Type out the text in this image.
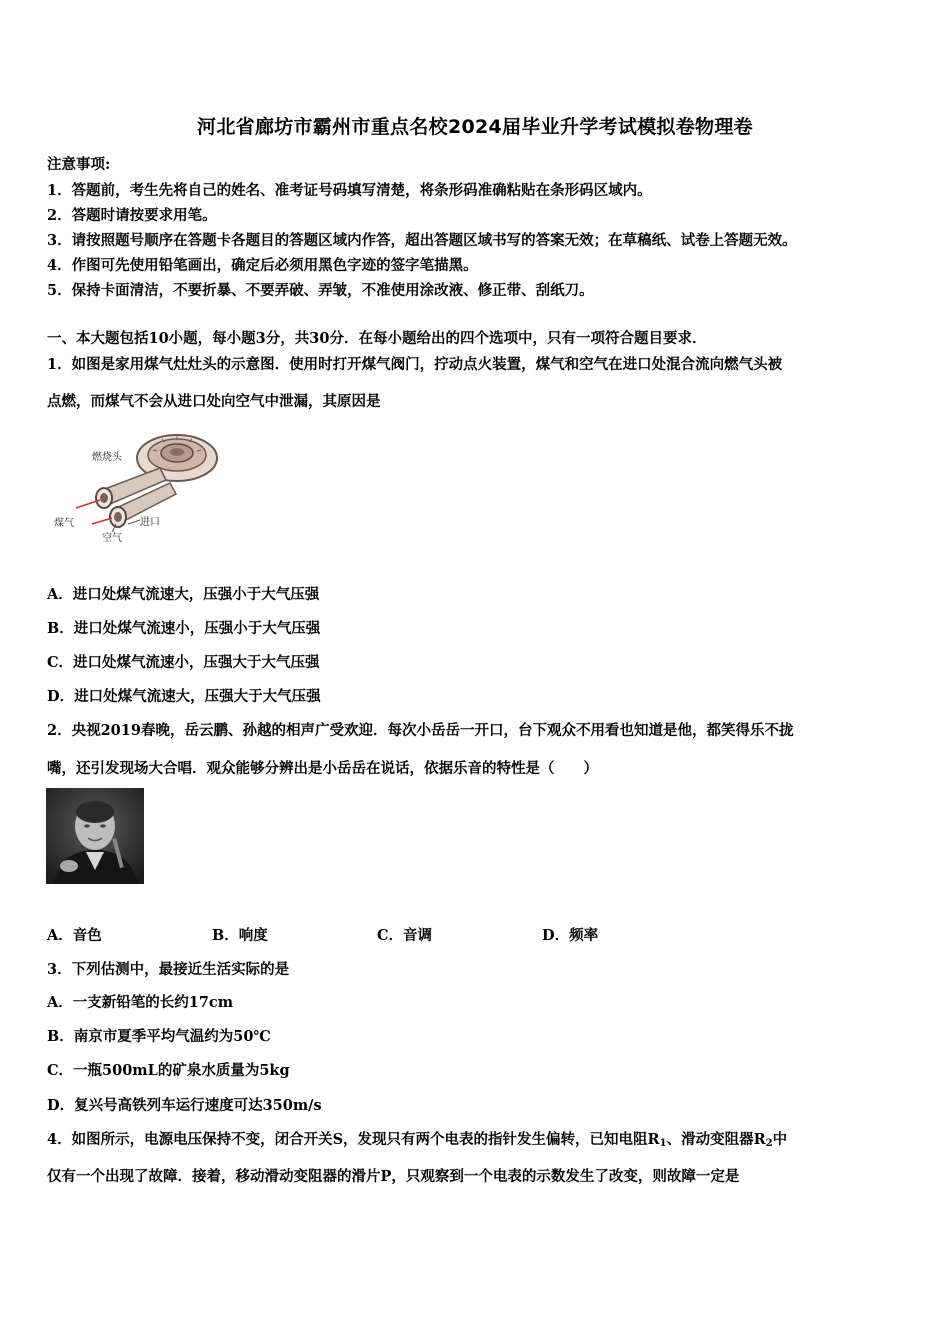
河北省廊坊市霸州市重点名校2024届毕业升学考试模拟卷物理卷
注意事项:
1．答题前，考生先将自己的姓名、准考证号码填写清楚，将条形码准确粘贴在条形码区域内。
2．答题时请按要求用笔。
3．请按照题号顺序在答题卡各题目的答题区域内作答，超出答题区域书写的答案无效；在草稿纸、试卷上答题无效。
4．作图可先使用铅笔画出，确定后必须用黑色字迹的签字笔描黑。
5．保持卡面清洁，不要折暴、不要弄破、弄皱，不准使用涂改液、修正带、刮纸刀。
一、本大题包括10小题，每小题3分，共30分．在每小题给出的四个选项中，只有一项符合题目要求．
1．如图是家用煤气灶灶头的示意图．使用时打开煤气阀门，拧动点火装置，煤气和空气在进口处混合流向燃气头被
点燃，而煤气不会从进口处向空气中泄漏，其原因是
燃烧头
煤气
空气
进口
A．进口处煤气流速大，压强小于大气压强
B．进口处煤气流速小，压强小于大气压强
C．进口处煤气流速小，压强大于大气压强
D．进口处煤气流速大，压强大于大气压强
2．央视2019春晚，岳云鹏、孙越的相声广受欢迎．每次小岳岳一开口，台下观众不用看也知道是他，都笑得乐不拢
嘴，还引发现场大合唱．观众能够分辨出是小岳岳在说话，依据乐音的特性是（　　）
A．音色	B．响度	C．音调	D．频率
3．下列估测中，最接近生活实际的是
A．一支新铅笔的长约17cm
B．南京市夏季平均气温约为50℃
C．一瓶500mL的矿泉水质量为5kg
D．复兴号高铁列车运行速度可达350m/s
4．如图所示，电源电压保持不变，闭合开关S，发现只有两个电表的指针发生偏转，已知电阻$R_1$、滑动变阻器$R_2$中
仅有一个出现了故障．接着，移动滑动变阻器的滑片P，只观察到一个电表的示数发生了改变，则故障一定是
